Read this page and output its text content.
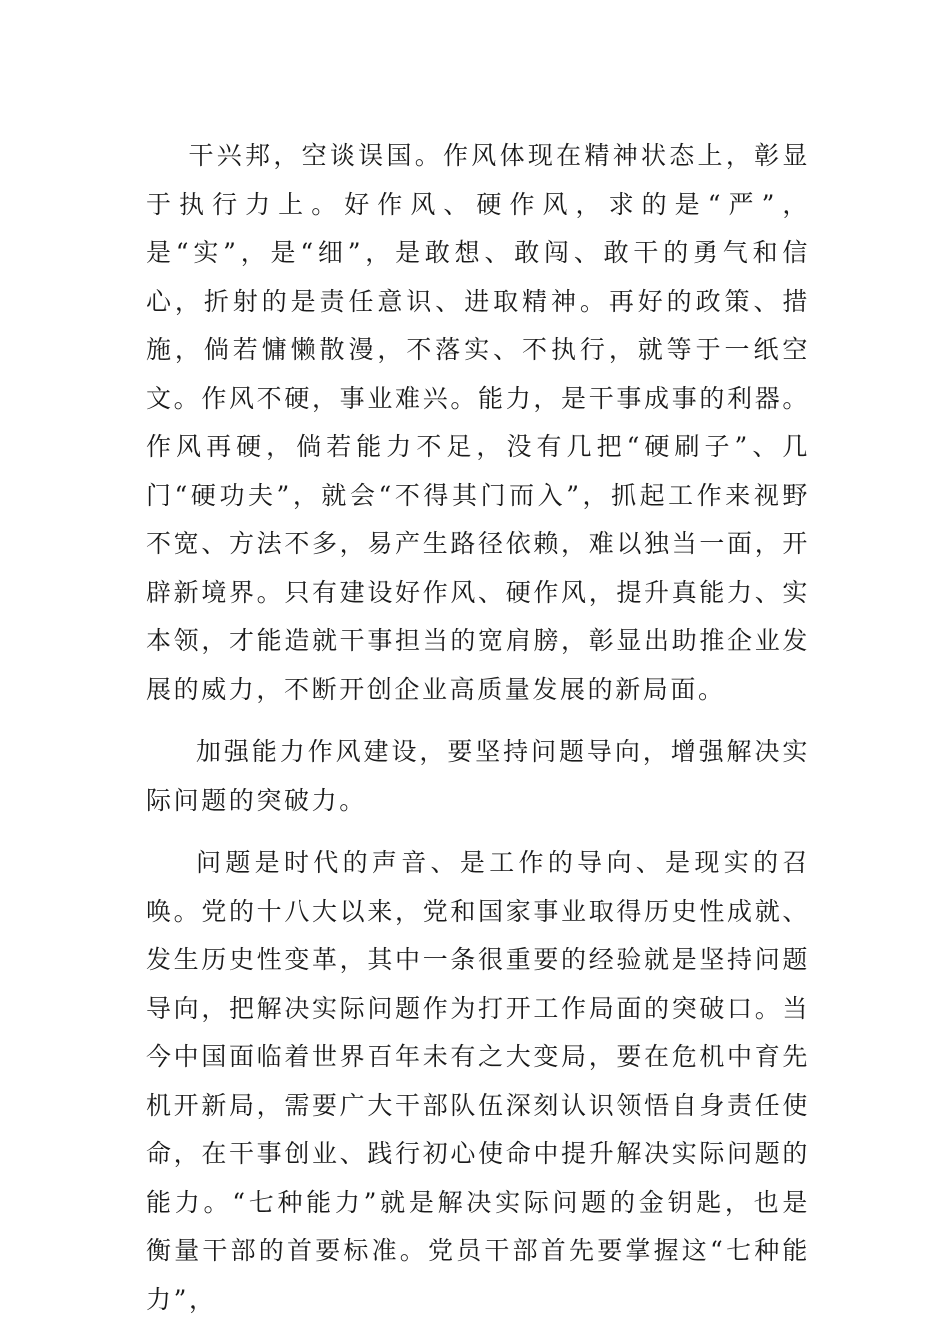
干兴邦，空谈误国。作风体现在精神状态上，彰显于执行力上。好作风、硬作风，求的是“严”，是“实”，是“细”，是敢想、敢闯、敢干的勇气和信心，折射的是责任意识、进取精神。再好的政策、措施，倘若慵懒散漫，不落实、不执行，就等于一纸空文。作风不硬，事业难兴。能力，是干事成事的利器。作风再硬，倘若能力不足，没有几把“硬刷子”、几门“硬功夫”，就会“不得其门而入”，抓起工作来视野不宽、方法不多，易产生路径依赖，难以独当一面，开辟新境界。只有建设好作风、硬作风，提升真能力、实本领，才能造就干事担当的宽肩膀，彰显出助推企业发展的威力，不断开创企业高质量发展的新局面。

加强能力作风建设，要坚持问题导向，增强解决实际问题的突破力。

问题是时代的声音、是工作的导向、是现实的召唤。党的十八大以来，党和国家事业取得历史性成就、发生历史性变革，其中一条很重要的经验就是坚持问题导向，把解决实际问题作为打开工作局面的突破口。当今中国面临着世界百年未有之大变局，要在危机中育先机开新局，需要广大干部队伍深刻认识领悟自身责任使命，在干事创业、践行初心使命中提升解决实际问题的能力。“七种能力”就是解决实际问题的金钥匙，也是衡量干部的首要标准。党员干部首先要掌握这“七种能力”，
